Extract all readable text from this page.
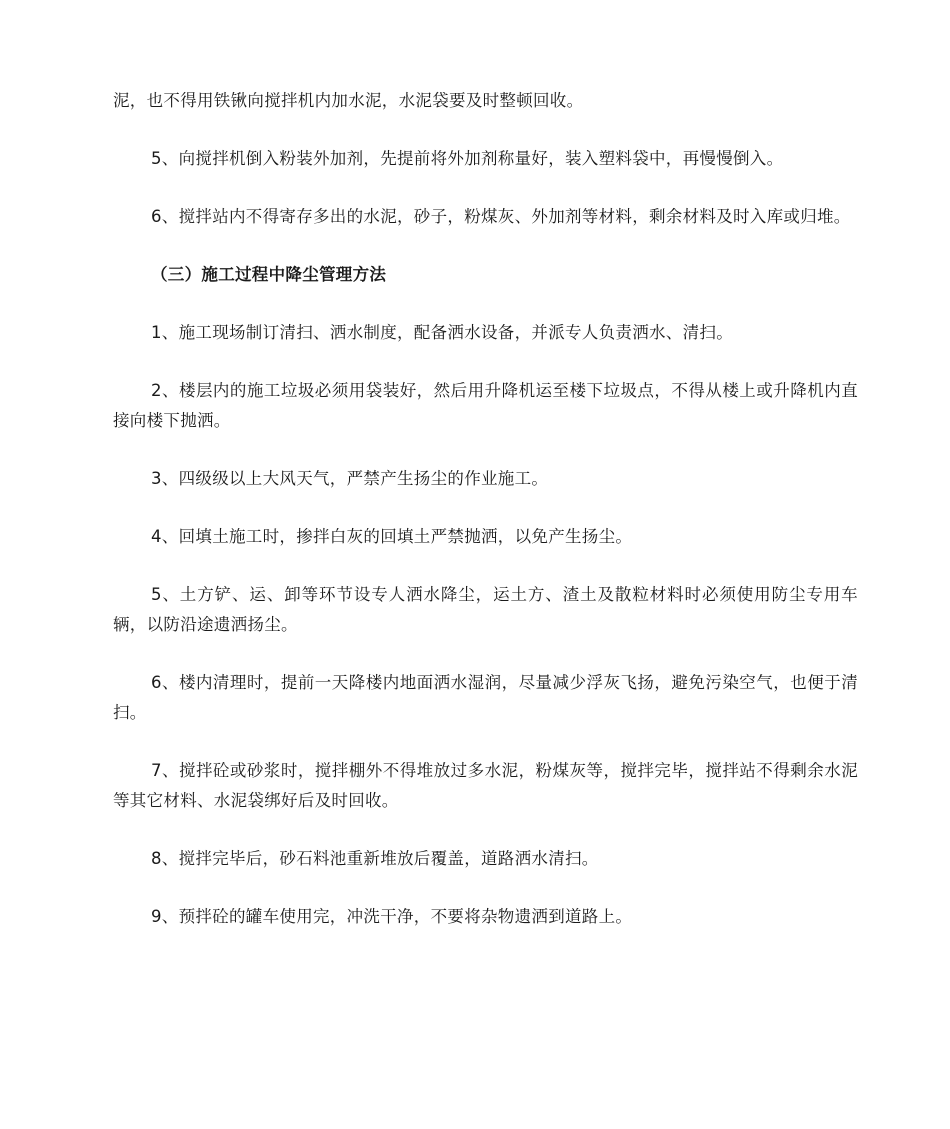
泥，也不得用铁锹向搅拌机内加水泥，水泥袋要及时整顿回收。

5、向搅拌机倒入粉装外加剂，先提前将外加剂称量好，装入塑料袋中，再慢慢倒入。

6、搅拌站内不得寄存多出的水泥，砂子，粉煤灰、外加剂等材料，剩余材料及时入库或归堆。

（三）施工过程中降尘管理方法

1、施工现场制订清扫、洒水制度，配备洒水设备，并派专人负责洒水、清扫。

2、楼层内的施工垃圾必须用袋装好，然后用升降机运至楼下垃圾点，不得从楼上或升降机内直接向楼下抛洒。

3、四级级以上大风天气，严禁产生扬尘的作业施工。

4、回填土施工时，掺拌白灰的回填土严禁抛洒，以免产生扬尘。

5、土方铲、运、卸等环节设专人洒水降尘，运土方、渣土及散粒材料时必须使用防尘专用车辆，以防沿途遗洒扬尘。

6、楼内清理时，提前一天降楼内地面洒水湿润，尽量减少浮灰飞扬，避免污染空气，也便于清扫。

7、搅拌砼或砂浆时，搅拌棚外不得堆放过多水泥，粉煤灰等，搅拌完毕，搅拌站不得剩余水泥等其它材料、水泥袋绑好后及时回收。

8、搅拌完毕后，砂石料池重新堆放后覆盖，道路洒水清扫。

9、预拌砼的罐车使用完，冲洗干净，不要将杂物遗洒到道路上。
